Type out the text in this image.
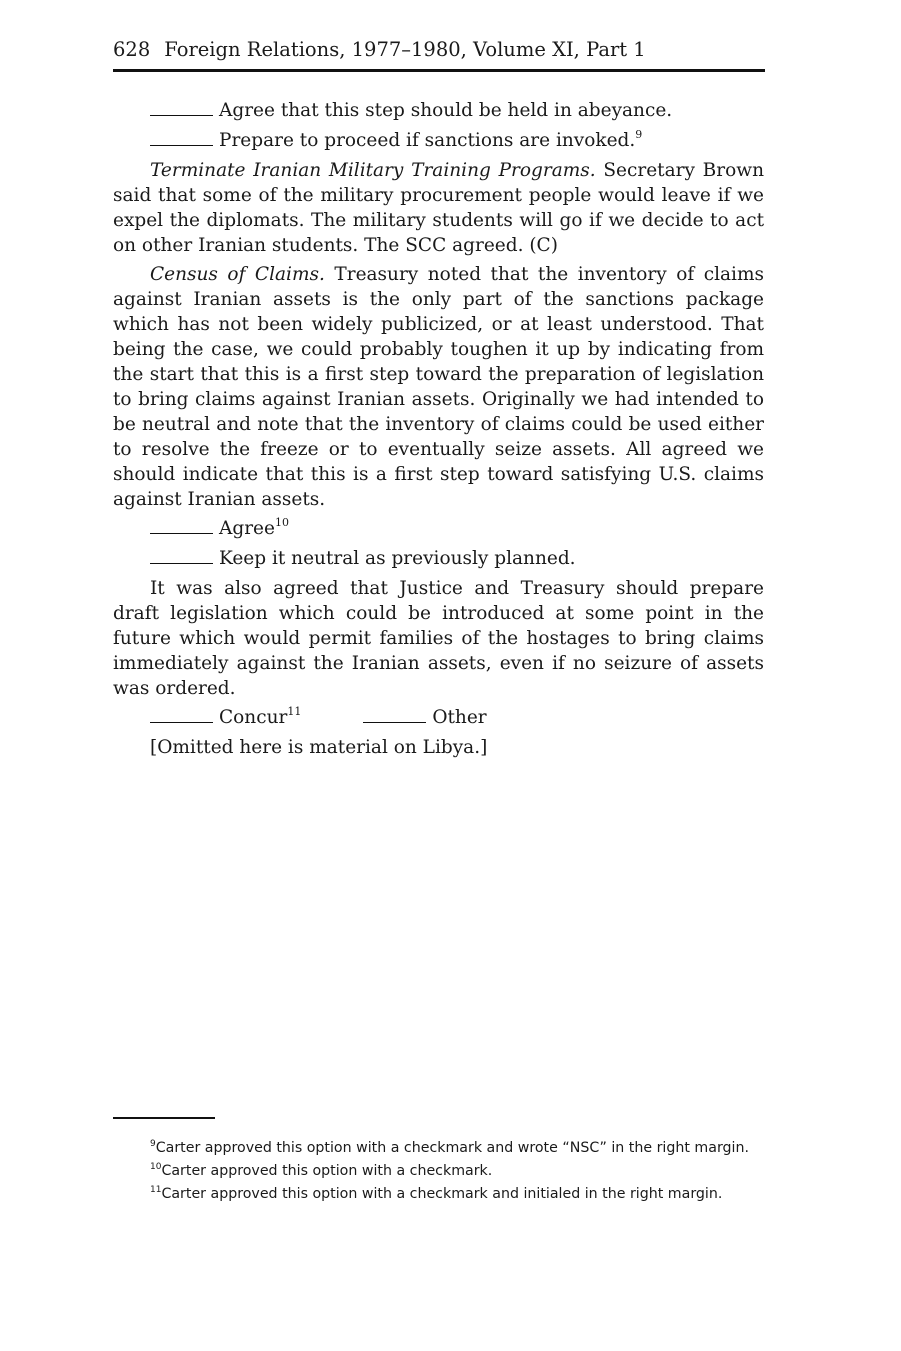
628 Foreign Relations, 1977–1980, Volume XI, Part 1
Agree that this step should be held in abeyance.
Prepare to proceed if sanctions are invoked.$^9$

Terminate Iranian Military Training Programs. Secretary Brown said that some of the military procurement people would leave if we expel the diplomats. The military students will go if we decide to act on other Iranian students. The SCC agreed. (C)

Census of Claims. Treasury noted that the inventory of claims against Iranian assets is the only part of the sanctions package which has not been widely publicized, or at least understood. That being the case, we could probably toughen it up by indicating from the start that this is a first step toward the preparation of legislation to bring claims against Iranian assets. Originally we had intended to be neutral and note that the inventory of claims could be used either to resolve the freeze or to eventually seize assets. All agreed we should indicate that this is a first step toward satisfying U.S. claims against Iranian assets.

Agree$^{10}$
Keep it neutral as previously planned.

It was also agreed that Justice and Treasury should prepare draft legislation which could be introduced at some point in the future which would permit families of the hostages to bring claims immediately against the Iranian assets, even if no seizure of assets was ordered.

Concur$^{11}$	Other

[Omitted here is material on Libya.]

$^9$Carter approved this option with a checkmark and wrote “NSC” in the right margin.

$^{10}$Carter approved this option with a checkmark.

$^{11}$Carter approved this option with a checkmark and initialed in the right margin.
